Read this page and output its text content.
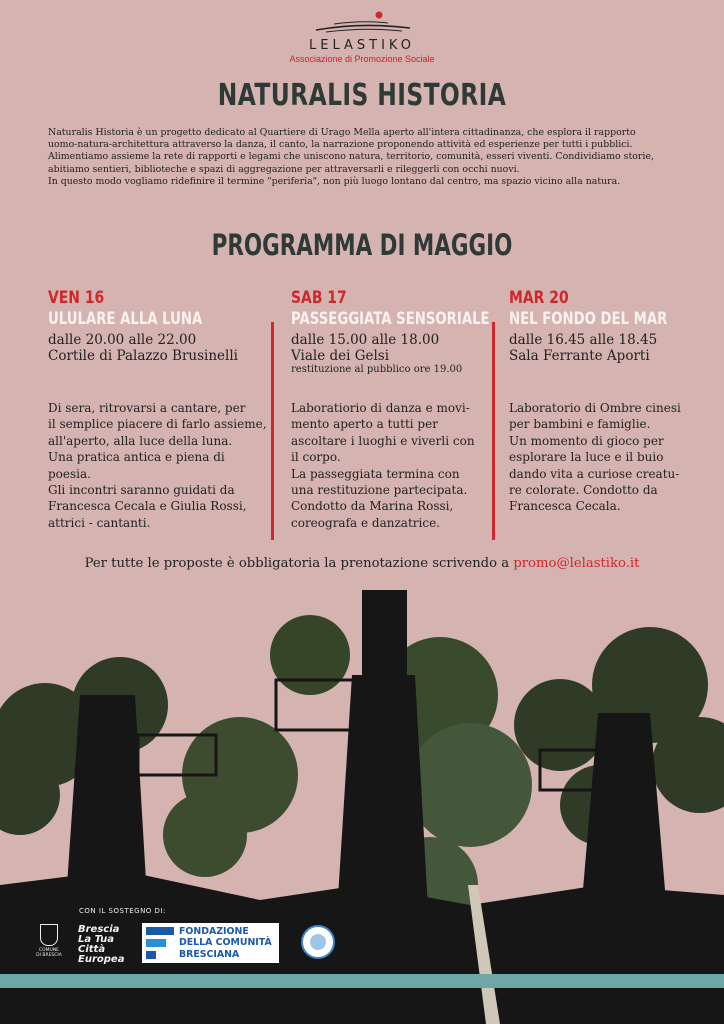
LELASTIKO
Associazione di Promozione Sociale
NATURALIS HISTORIA

Naturalis Historia è un progetto dedicato al Quartiere di Urago Mella aperto all'intera cittadinanza, che esplora il rapporto

uomo-natura-architettura attraverso la danza, il canto, la narrazione proponendo attività ed esperienze per tutti i pubblici.

Alimentiamo assieme la rete di rapporti e legami che uniscono natura, territorio, comunità, esseri viventi. Condividiamo storie,

abitiamo sentieri, biblioteche e spazi di aggregazione per attraversarli e rileggerli con occhi nuovi.

In questo modo vogliamo ridefinire il termine "periferia", non più luogo lontano dal centro, ma spazio vicino alla natura.

PROGRAMMA DI MAGGIO
VEN 16
ULULARE ALLA LUNA
dalle 20.00 alle 22.00
Cortile di Palazzo Brusinelli

Di sera, ritrovarsi a cantare, per

il semplice piacere di farlo assieme,

all'aperto, alla luce della luna.

Una pratica antica e piena di

poesia.

Gli incontri saranno guidati da

Francesca Cecala e Giulia Rossi,

attrici - cantanti.

SAB 17
PASSEGGIATA SENSORIALE
dalle 15.00 alle 18.00
Viale dei Gelsi
restituzione al pubblico ore 19.00

Laboratiorio di danza e movi-

mento aperto a tutti per

ascoltare i luoghi e viverli con

il corpo.

La passeggiata termina con

una restituzione partecipata.

Condotto da Marina Rossi,

coreografa e danzatrice.

MAR 20
NEL FONDO DEL MAR
dalle 16.45 alle 18.45
Sala Ferrante Aporti

Laboratorio di Ombre cinesi

per bambini e famiglie.

Un momento di gioco per

esplorare la luce e il buio

dando vita a curiose creatu-

re colorate. Condotto da

Francesca Cecala.

Per tutte le proposte è obbligatoria la prenotazione scrivendo a promo@lelastiko.it
CON IL SOSTEGNO DI:
COMUNE DI BRESCIA
Brescia
La Tua Città
Europea
FONDAZIONE
DELLA COMUNITÀ
BRESCIANA
